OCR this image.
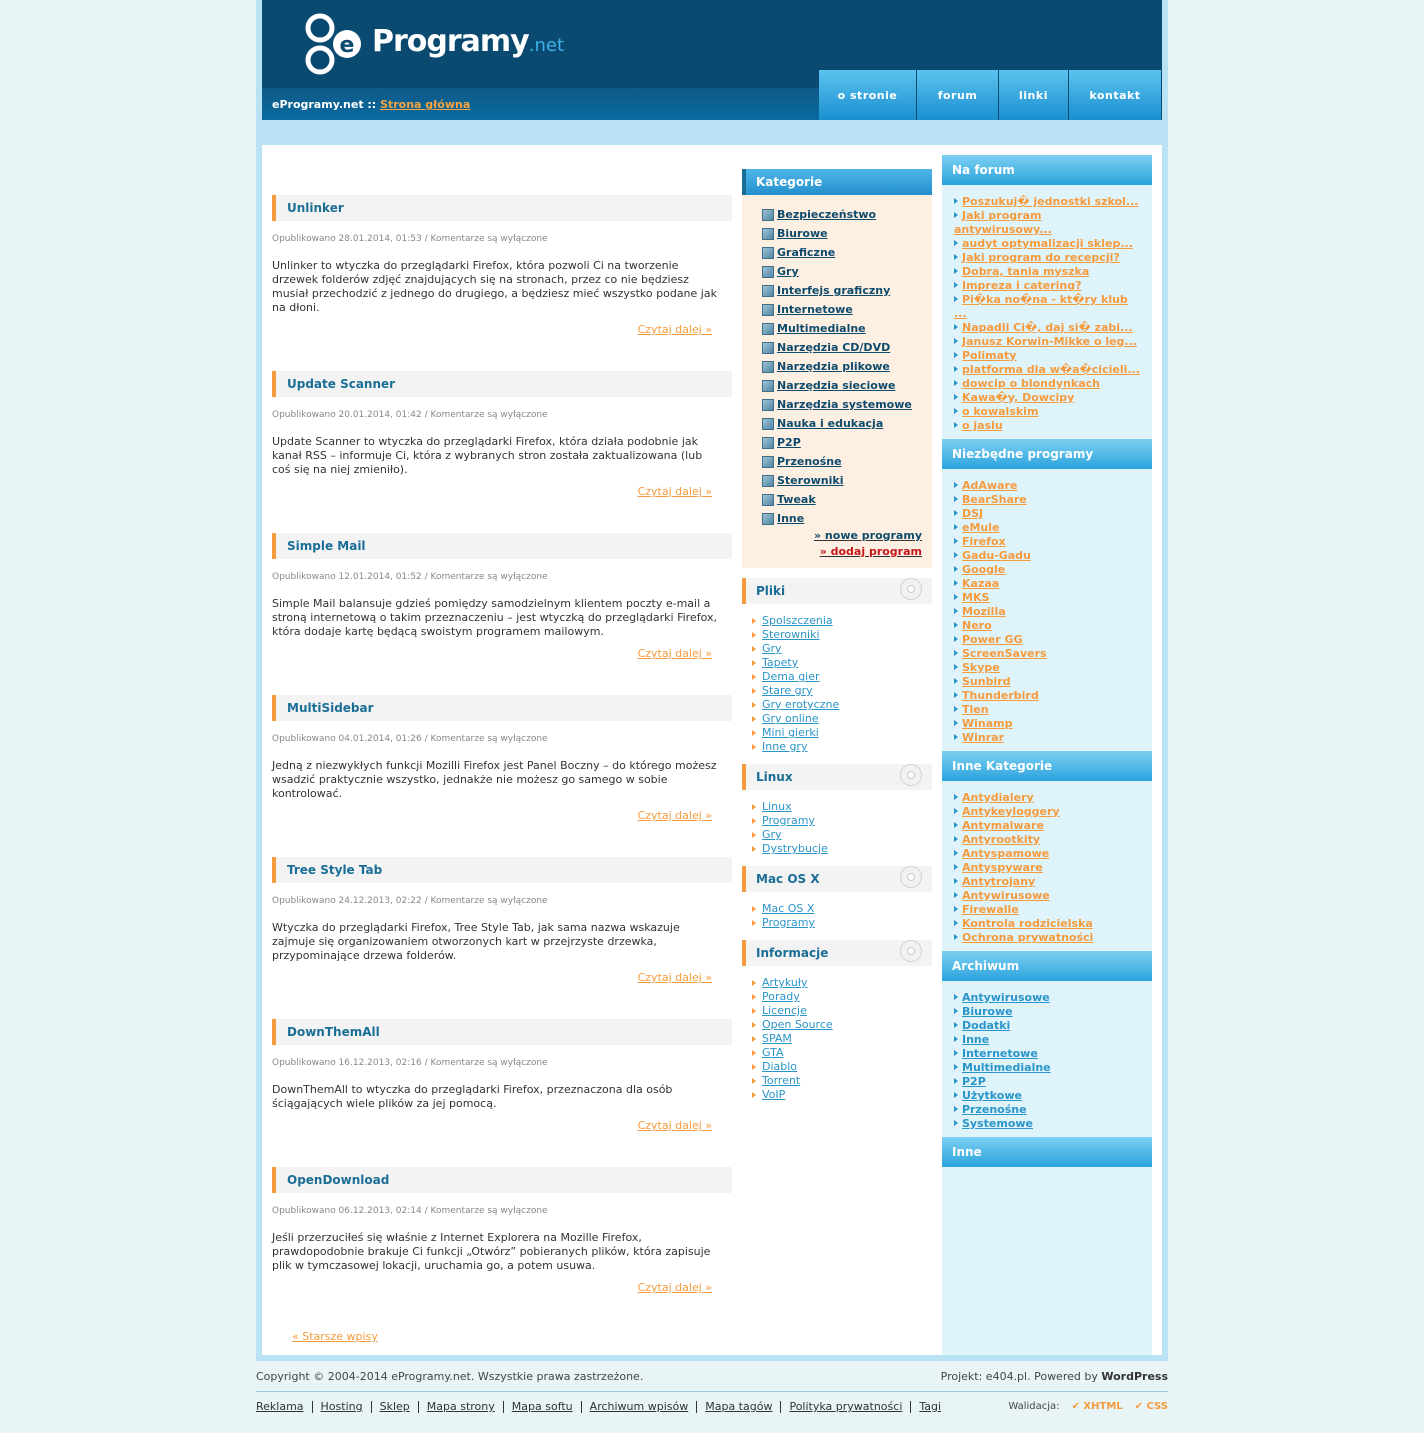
e Programy.net
eProgramy.net :: Strona główna
o stronie	forum	linki	kontakt
Unlinker
Opublikowano 28.01.2014, 01:53 / Komentarze są wyłączone
Unlinker to wtyczka do przeglądarki Firefox, która pozwoli Ci na tworzenie drzewek folderów zdjęć znajdujących się na stronach, przez co nie będziesz musiał przechodzić z jednego do drugiego, a będziesz mieć wszystko podane jak na dłoni.
Czytaj dalej »
Update Scanner
Opublikowano 20.01.2014, 01:42 / Komentarze są wyłączone
Update Scanner to wtyczka do przeglądarki Firefox, która działa podobnie jak kanał RSS – informuje Ci, która z wybranych stron została zaktualizowana (lub coś się na niej zmieniło).
Czytaj dalej »
Simple Mail
Opublikowano 12.01.2014, 01:52 / Komentarze są wyłączone
Simple Mail balansuje gdzieś pomiędzy samodzielnym klientem poczty e-mail a stroną internetową o takim przeznaczeniu – jest wtyczką do przeglądarki Firefox, która dodaje kartę będącą swoistym programem mailowym.
Czytaj dalej »
MultiSidebar
Opublikowano 04.01.2014, 01:26 / Komentarze są wyłączone
Jedną z niezwykłych funkcji Mozilli Firefox jest Panel Boczny – do którego możesz wsadzić praktycznie wszystko, jednakże nie możesz go samego w sobie kontrolować.
Czytaj dalej »
Tree Style Tab
Opublikowano 24.12.2013, 02:22 / Komentarze są wyłączone
Wtyczka do przeglądarki Firefox, Tree Style Tab, jak sama nazwa wskazuje zajmuje się organizowaniem otworzonych kart w przejrzyste drzewka, przypominające drzewa folderów.
Czytaj dalej »
DownThemAll
Opublikowano 16.12.2013, 02:16 / Komentarze są wyłączone
DownThemAll to wtyczka do przeglądarki Firefox, przeznaczona dla osób ściągających wiele plików za jej pomocą.
Czytaj dalej »
OpenDownload
Opublikowano 06.12.2013, 02:14 / Komentarze są wyłączone
Jeśli przerzuciłeś się właśnie z Internet Explorera na Mozille Firefox, prawdopodobnie brakuje Ci funkcji „Otwórz” pobieranych plików, która zapisuje plik w tymczasowej lokacji, uruchamia go, a potem usuwa.
Czytaj dalej »
« Starsze wpisy
Kategorie
Bezpieczeństwo
Biurowe
Graficzne
Gry
Interfejs graficzny
Internetowe
Multimedialne
Narzędzia CD/DVD
Narzędzia plikowe
Narzędzia sieciowe
Narzędzia systemowe
Nauka i edukacja
P2P
Przenośne
Sterowniki
Tweak
Inne
» nowe programy
» dodaj program
Pliki
Spolszczenia
Sterowniki
Gry
Tapety
Dema gier
Stare gry
Gry erotyczne
Gry online
Mini gierki
Inne gry
Linux
Linux
Programy
Gry
Dystrybucje
Mac OS X
Mac OS X
Programy
Informacje
Artykuły
Porady
Licencje
Open Source
SPAM
GTA
Diablo
Torrent
VoIP
Na forum
Poszukuj� jednostki szkol...
Jaki program antywirusowy...
audyt optymalizacji sklep...
Jaki program do recepcji?
Dobra, tania myszka
Impreza i catering?
Pi�ka no�na - kt�ry klub ...
Napadli Ci�, daj si� zabi...
Janusz Korwin-Mikke o leg...
Polimaty
platforma dla w�a�cicieli...
dowcip o blondynkach
Kawa�y, Dowcipy
o kowalskim
o jasiu
Niezbędne programy
AdAware
BearShare
DSJ
eMule
Firefox
Gadu-Gadu
Google
Kazaa
MKS
Mozilla
Nero
Power GG
ScreenSavers
Skype
Sunbird
Thunderbird
Tlen
Winamp
Winrar
Inne Kategorie
Antydialery
Antykeyloggery
Antymalware
Antyrootkity
Antyspamowe
Antyspyware
Antytrojany
Antywirusowe
Firewalle
Kontrola rodzicielska
Ochrona prywatności
Archiwum
Antywirusowe
Biurowe
Dodatki
Inne
Internetowe
Multimedialne
P2P
Użytkowe
Przenośne
Systemowe
Inne
Copyright © 2004-2014 eProgramy.net. Wszystkie prawa zastrzeżone.	Projekt: e404.pl. Powered by WordPress
Reklama	Hosting	Sklep	Mapa strony	Mapa softu	Archiwum wpisów	Mapa tagów	Polityka prywatności	Tagi	Walidacja: ✔ XHTML ✔ CSS
